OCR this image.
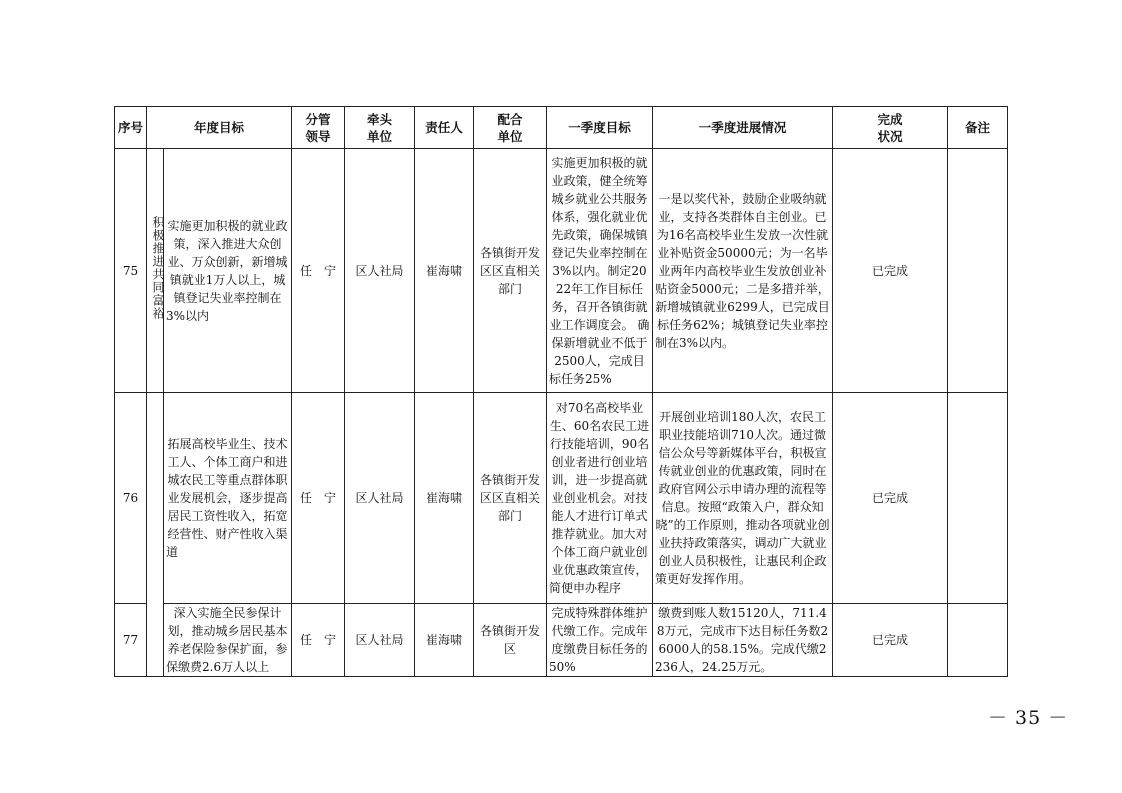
序号	年度目标		分管领导	牵头单位	责任人	配合单位	一季度目标	一季度进展情况	完成状况	备注
75	积极推进共同富裕	实施更加积极的就业政策，深入推进大众创业、万众创新，新增城镇就业1万人以上，城镇登记失业率控制在3%以内	任　宁	区人社局	崔海啸	各镇街开发区区直相关部门	实施更加积极的就业政策，健全统筹城乡就业公共服务体系，强化就业优先政策，确保城镇登记失业率控制在3%以内。制定2022年工作目标任务，召开各镇街就业工作调度会。 确保新增就业不低于2500人，完成目标任务25%	一是以奖代补，鼓励企业吸纳就业，支持各类群体自主创业。已为16名高校毕业生发放一次性就业补贴资金50000元；为一名毕业两年内高校毕业生发放创业补贴资金5000元；二是多措并举，新增城镇就业6299人，已完成目标任务62%；城镇登记失业率控制在3%以内。	已完成	
76		拓展高校毕业生、技术工人、个体工商户和进城农民工等重点群体职业发展机会，逐步提高居民工资性收入，拓宽经营性、财产性收入渠道	任　宁	区人社局	崔海啸	各镇街开发区区直相关部门	对70名高校毕业生、60名农民工进行技能培训，90名创业者进行创业培训，进一步提高就业创业机会。对技能人才进行订单式推荐就业。加大对个体工商户就业创业优惠政策宣传，简便申办程序	开展创业培训180人次，农民工职业技能培训710人次。通过微信公众号等新媒体平台，积极宣传就业创业的优惠政策，同时在政府官网公示申请办理的流程等信息。按照“政策入户，群众知晓”的工作原则，推动各项就业创业扶持政策落实，调动广大就业创业人员积极性，让惠民利企政策更好发挥作用。	已完成	
77		深入实施全民参保计划，推动城乡居民基本养老保险参保扩面，参保缴费2.6万人以上	任　宁	区人社局	崔海啸	各镇街开发区	完成特殊群体维护代缴工作。完成年度缴费目标任务的50%	缴费到账人数15120人，711.48万元，完成市下达目标任务数26000人的58.15%。完成代缴2236人，24.25万元。	已完成	
－ 35 －
